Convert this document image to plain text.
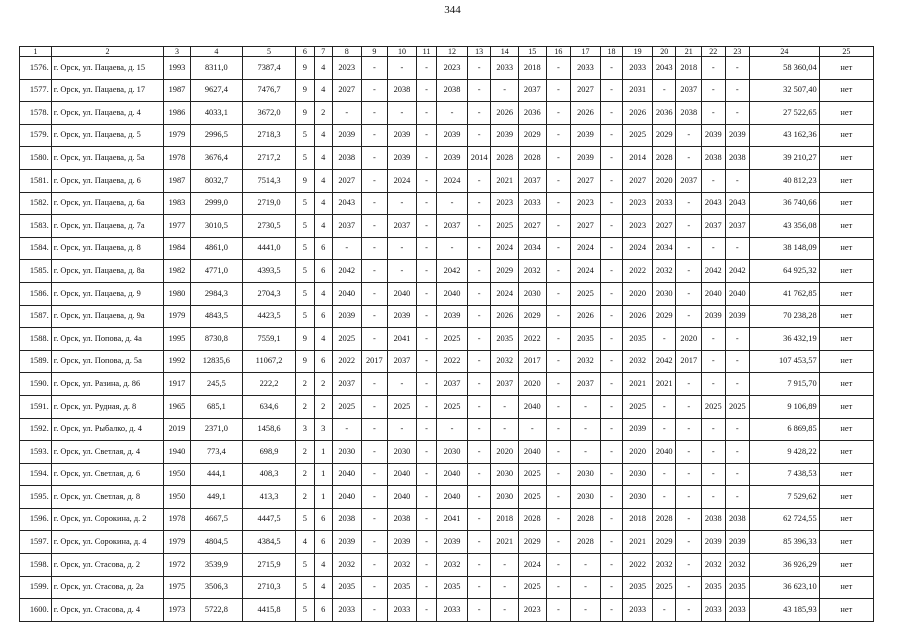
344
1	2	3	4	5	6	7	8	9	10	11	12	13	14	15	16	17	18	19	20	21	22	23	24	25
1576.	г. Орск, ул. Пацаева, д. 15	1993	8311,0	7387,4	9	4	2023	-	-	-	2023	-	2033	2018	-	2033	-	2033	2043	2018	-	-	58 360,04	нет
1577.	г. Орск, ул. Пацаева, д. 17	1987	9627,4	7476,7	9	4	2027	-	2038	-	2038	-	-	2037	-	2027	-	2031	-	2037	-	-	32 507,40	нет
1578.	г. Орск, ул. Пацаева, д. 4	1986	4033,1	3672,0	9	2	-	-	-	-	-	-	2026	2036	-	2026	-	2026	2036	2038	-	-	27 522,65	нет
1579.	г. Орск, ул. Пацаева, д. 5	1979	2996,5	2718,3	5	4	2039	-	2039	-	2039	-	2039	2029	-	2039	-	2025	2029	-	2039	2039	43 162,36	нет
1580.	г. Орск, ул. Пацаева, д. 5а	1978	3676,4	2717,2	5	4	2038	-	2039	-	2039	2014	2028	2028	-	2039	-	2014	2028	-	2038	2038	39 210,27	нет
1581.	г. Орск, ул. Пацаева, д. 6	1987	8032,7	7514,3	9	4	2027	-	2024	-	2024	-	2021	2037	-	2027	-	2027	2020	2037	-	-	40 812,23	нет
1582.	г. Орск, ул. Пацаева, д. 6а	1983	2999,0	2719,0	5	4	2043	-	-	-	-	-	2023	2033	-	2023	-	2023	2033	-	2043	2043	36 740,66	нет
1583.	г. Орск, ул. Пацаева, д. 7а	1977	3010,5	2730,5	5	4	2037	-	2037	-	2037	-	2025	2027	-	2027	-	2023	2027	-	2037	2037	43 356,08	нет
1584.	г. Орск, ул. Пацаева, д. 8	1984	4861,0	4441,0	5	6	-	-	-	-	-	-	2024	2034	-	2024	-	2024	2034	-	-	-	38 148,09	нет
1585.	г. Орск, ул. Пацаева, д. 8а	1982	4771,0	4393,5	5	6	2042	-	-	-	2042	-	2029	2032	-	2024	-	2022	2032	-	2042	2042	64 925,32	нет
1586.	г. Орск, ул. Пацаева, д. 9	1980	2984,3	2704,3	5	4	2040	-	2040	-	2040	-	2024	2030	-	2025	-	2020	2030	-	2040	2040	41 762,85	нет
1587.	г. Орск, ул. Пацаева, д. 9а	1979	4843,5	4423,5	5	6	2039	-	2039	-	2039	-	2026	2029	-	2026	-	2026	2029	-	2039	2039	70 238,28	нет
1588.	г. Орск, ул. Попова, д. 4а	1995	8730,8	7559,1	9	4	2025	-	2041	-	2025	-	2035	2022	-	2035	-	2035	-	2020	-	-	36 432,19	нет
1589.	г. Орск, ул. Попова, д. 5а	1992	12835,6	11067,2	9	6	2022	2017	2037	-	2022	-	2032	2017	-	2032	-	2032	2042	2017	-	-	107 453,57	нет
1590.	г. Орск, ул. Разина, д. 86	1917	245,5	222,2	2	2	2037	-	-	-	2037	-	2037	2020	-	2037	-	2021	2021	-	-	-	7 915,70	нет
1591.	г. Орск, ул. Рудная, д. 8	1965	685,1	634,6	2	2	2025	-	2025	-	2025	-	-	2040	-	-	-	2025	-	-	2025	2025	9 106,89	нет
1592.	г. Орск, ул. Рыбалко, д. 4	2019	2371,0	1458,6	3	3	-	-	-	-	-	-	-	-	-	-	-	2039	-	-	-	-	6 869,85	нет
1593.	г. Орск, ул. Светлая, д. 4	1940	773,4	698,9	2	1	2030	-	2030	-	2030	-	2020	2040	-	-	-	2020	2040	-	-	-	9 428,22	нет
1594.	г. Орск, ул. Светлая, д. 6	1950	444,1	408,3	2	1	2040	-	2040	-	2040	-	2030	2025	-	2030	-	2030	-	-	-	-	7 438,53	нет
1595.	г. Орск, ул. Светлая, д. 8	1950	449,1	413,3	2	1	2040	-	2040	-	2040	-	2030	2025	-	2030	-	2030	-	-	-	-	7 529,62	нет
1596.	г. Орск, ул. Сорокина, д. 2	1978	4667,5	4447,5	5	6	2038	-	2038	-	2041	-	2018	2028	-	2028	-	2018	2028	-	2038	2038	62 724,55	нет
1597.	г. Орск, ул. Сорокина, д. 4	1979	4804,5	4384,5	4	6	2039	-	2039	-	2039	-	2021	2029	-	2028	-	2021	2029	-	2039	2039	85 396,33	нет
1598.	г. Орск, ул. Стасова, д. 2	1972	3539,9	2715,9	5	4	2032	-	2032	-	2032	-	-	2024	-	-	-	2022	2032	-	2032	2032	36 926,29	нет
1599.	г. Орск, ул. Стасова, д. 2а	1975	3506,3	2710,3	5	4	2035	-	2035	-	2035	-	-	2025	-	-	-	2035	2025	-	2035	2035	36 623,10	нет
1600.	г. Орск, ул. Стасова, д. 4	1973	5722,8	4415,8	5	6	2033	-	2033	-	2033	-	-	2023	-	-	-	2033	-	-	2033	2033	43 185,93	нет
